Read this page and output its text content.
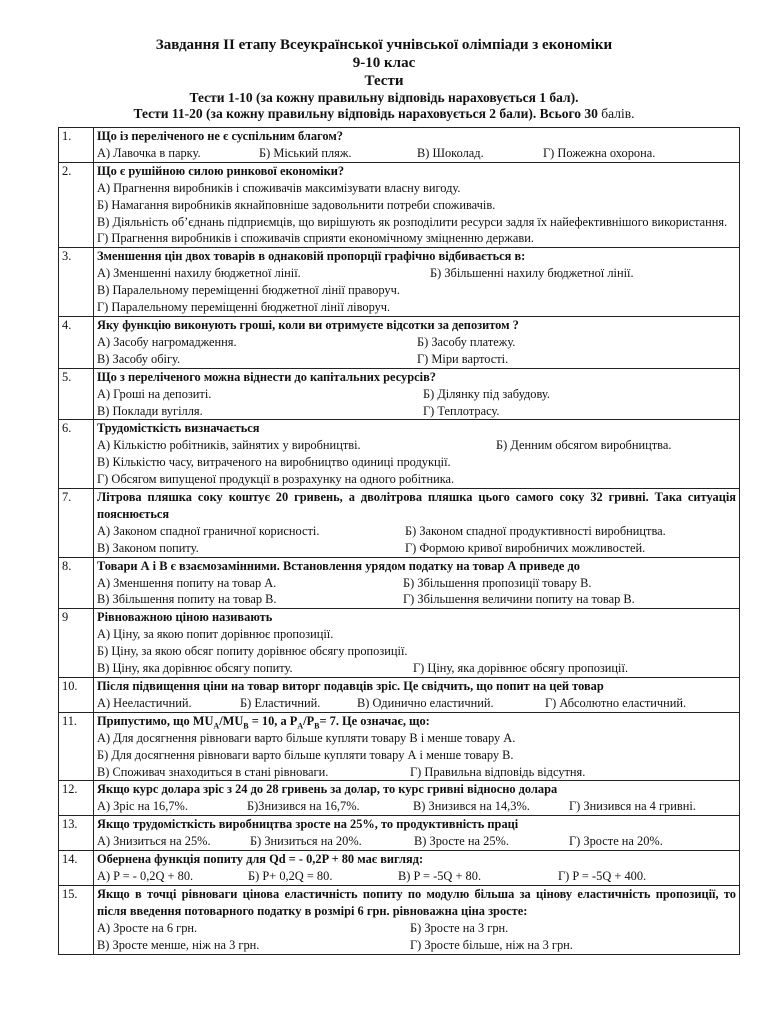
Завдання ІІ етапу Всеукраїнської учнівської олімпіади з економіки
9-10 клас
Тести
Тести 1-10 (за кожну правильну відповідь нараховується 1 бал).
Тести 11-20 (за кожну правильну відповідь нараховується 2 бали). Всього 30 балів.
1.	Що із переліченого не є суспільним благом?
А) Лавочка в парку. Б) Міський пляж. В) Шоколад. Г) Пожежна охорона.

2.	Що є рушійною силою ринкової економіки?
А) Прагнення виробників і споживачів максимізувати власну вигоду.
Б) Намагання виробників якнайповніше задовольнити потреби споживачів.
В) Діяльність об’єднань підприємців, що вирішують як розподілити ресурси задля їх найефективнішого використання.
Г) Прагнення виробників і споживачів сприяти економічному зміцненню держави.

3.	Зменшення цін двох товарів в однаковій пропорції графічно відбивається в:
А) Зменшенні нахилу бюджетної лінії. Б) Збільшенні нахилу бюджетної лінії.
В) Паралельному переміщенні бюджетної лінії праворуч.
Г) Паралельному переміщенні бюджетної лінії ліворуч.

4.	Яку функцію виконують гроші, коли ви отримуєте відсотки за депозитом ?
А) Засобу нагромадження. Б) Засобу платежу.
В) Засобу обігу. Г) Міри вартості.

5.	Що з переліченого можна віднести до капітальних ресурсів?
А) Гроші на депозиті. Б) Ділянку під забудову.
В) Поклади вугілля. Г) Теплотрасу.

6.	Трудомісткість визначається
А) Кількістю робітників, зайнятих у виробництві. Б) Денним обсягом виробництва.
В) Кількістю часу, витраченого на виробництво одиниці продукції.
Г) Обсягом випущеної продукції в розрахунку на одного робітника.

7.	Літрова пляшка соку коштує 20 гривень, а дволітрова пляшка цього самого соку 32 гривні. Така ситуація пояснюється
А) Законом спадної граничної корисності. Б) Законом спадної продуктивності виробництва.
В) Законом попиту. Г) Формою кривої виробничих можливостей.

8.	Товари А і В є взаємозамінними. Встановлення урядом податку на товар А приведе до
А) Зменшення попиту на товар А. Б) Збільшення пропозиції товару В.
В) Збільшення попиту на товар В. Г) Збільшення величини попиту на товар В.

9	Рівноважною ціною називають
А) Ціну, за якою попит дорівнює пропозиції.
Б) Ціну, за якою обсяг попиту дорівнює обсягу пропозиції.
В) Ціну, яка дорівнює обсягу попиту. Г) Ціну, яка дорівнює обсягу пропозиції.

10.	Після підвищення ціни на товар виторг подавців зріс. Це свідчить, що попит на цей товар
А) Нееластичний. Б) Еластичний. В) Одинично еластичний. Г) Абсолютно еластичний.

11.	Припустимо, що $MU_A/MU_B = 10$, а $P_A/P_B= 7$. Це означає, що:
А) Для досягнення рівноваги варто більше купляти товару В і менше товару А.
Б) Для досягнення рівноваги варто більше купляти товару А і менше товару В.
В) Споживач знаходиться в стані рівноваги. Г) Правильна відповідь відсутня.

12.	Якщо курс долара зріс з 24 до 28 гривень за долар, то курс гривні відносно долара
А) Зріс на 16,7%. Б)Знизився на 16,7%. В) Знизився на 14,3%. Г) Знизився на 4 гривні.

13.	Якщо трудомісткість виробництва зросте на 25%, то продуктивність праці
А) Знизиться на 25%. Б) Знизиться на 20%. В) Зросте на 25%. Г) Зросте на 20%.

14.	Обернена функція попиту для Qd = - 0,2P + 80 має вигляд:
А) P = - 0,2Q + 80. Б) P+ 0,2Q = 80. В) P = -5Q + 80. Г) P = -5Q + 400.

15.	Якщо в точці рівноваги цінова еластичність попиту по модулю більша за цінову еластичність пропозиції, то після введення потоварного податку в розмірі 6 грн. рівноважна ціна зросте:
А) Зросте на 6 грн. Б) Зросте на 3 грн.
В) Зросте менше, ніж на 3 грн. Г) Зросте більше, ніж на 3 грн.
